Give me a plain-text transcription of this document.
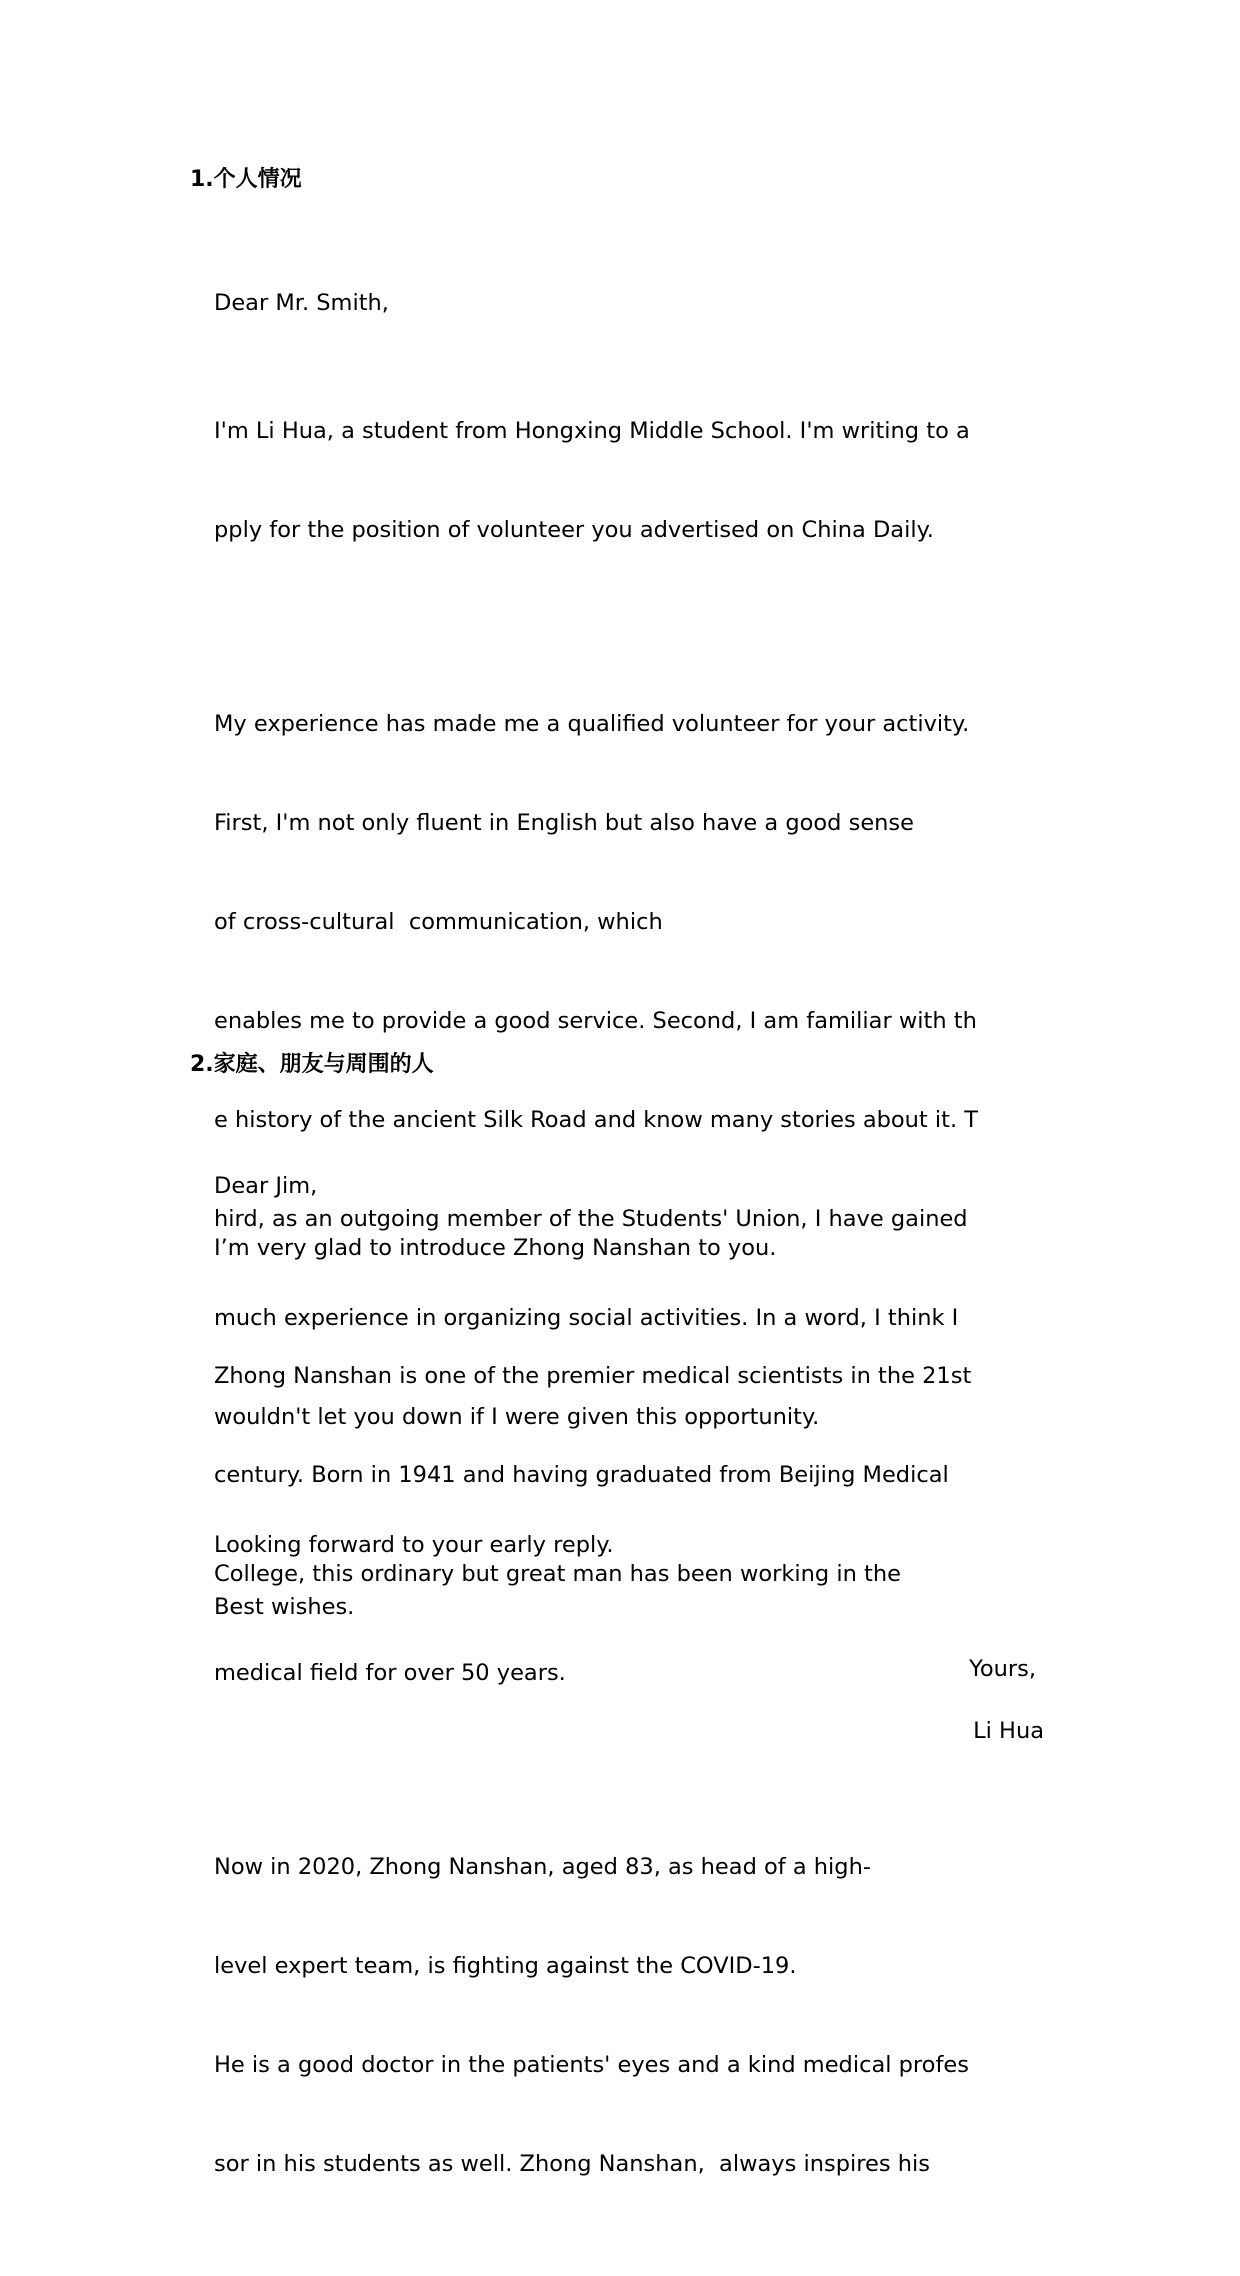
1.个人情况

Dear Mr. Smith,

I'm Li Hua, a student from Hongxing Middle School. I'm writing to a

pply for the position of volunteer you advertised on China Daily.

My experience has made me a qualified volunteer for your activity.

First, I'm not only fluent in English but also have a good sense

of cross-cultural  communication, which

enables me to provide a good service. Second, I am familiar with th

e history of the ancient Silk Road and know many stories about it. T

hird, as an outgoing member of the Students' Union, I have gained

much experience in organizing social activities. In a word, I think I

wouldn't let you down if I were given this opportunity.

Looking forward to your early reply.

Best wishes.

Yours,

Li Hua

2.家庭、朋友与周围的人

Dear Jim,

I’m very glad to introduce Zhong Nanshan to you.

Zhong Nanshan is one of the premier medical scientists in the 21st

century. Born in 1941 and having graduated from Beijing Medical

College, this ordinary but great man has been working in the

medical field for over 50 years.

Now in 2020, Zhong Nanshan, aged 83, as head of a high-

level expert team, is fighting against the COVID-19.

He is a good doctor in the patients' eyes and a kind medical profes

sor in his students as well. Zhong Nanshan,  always inspires his
